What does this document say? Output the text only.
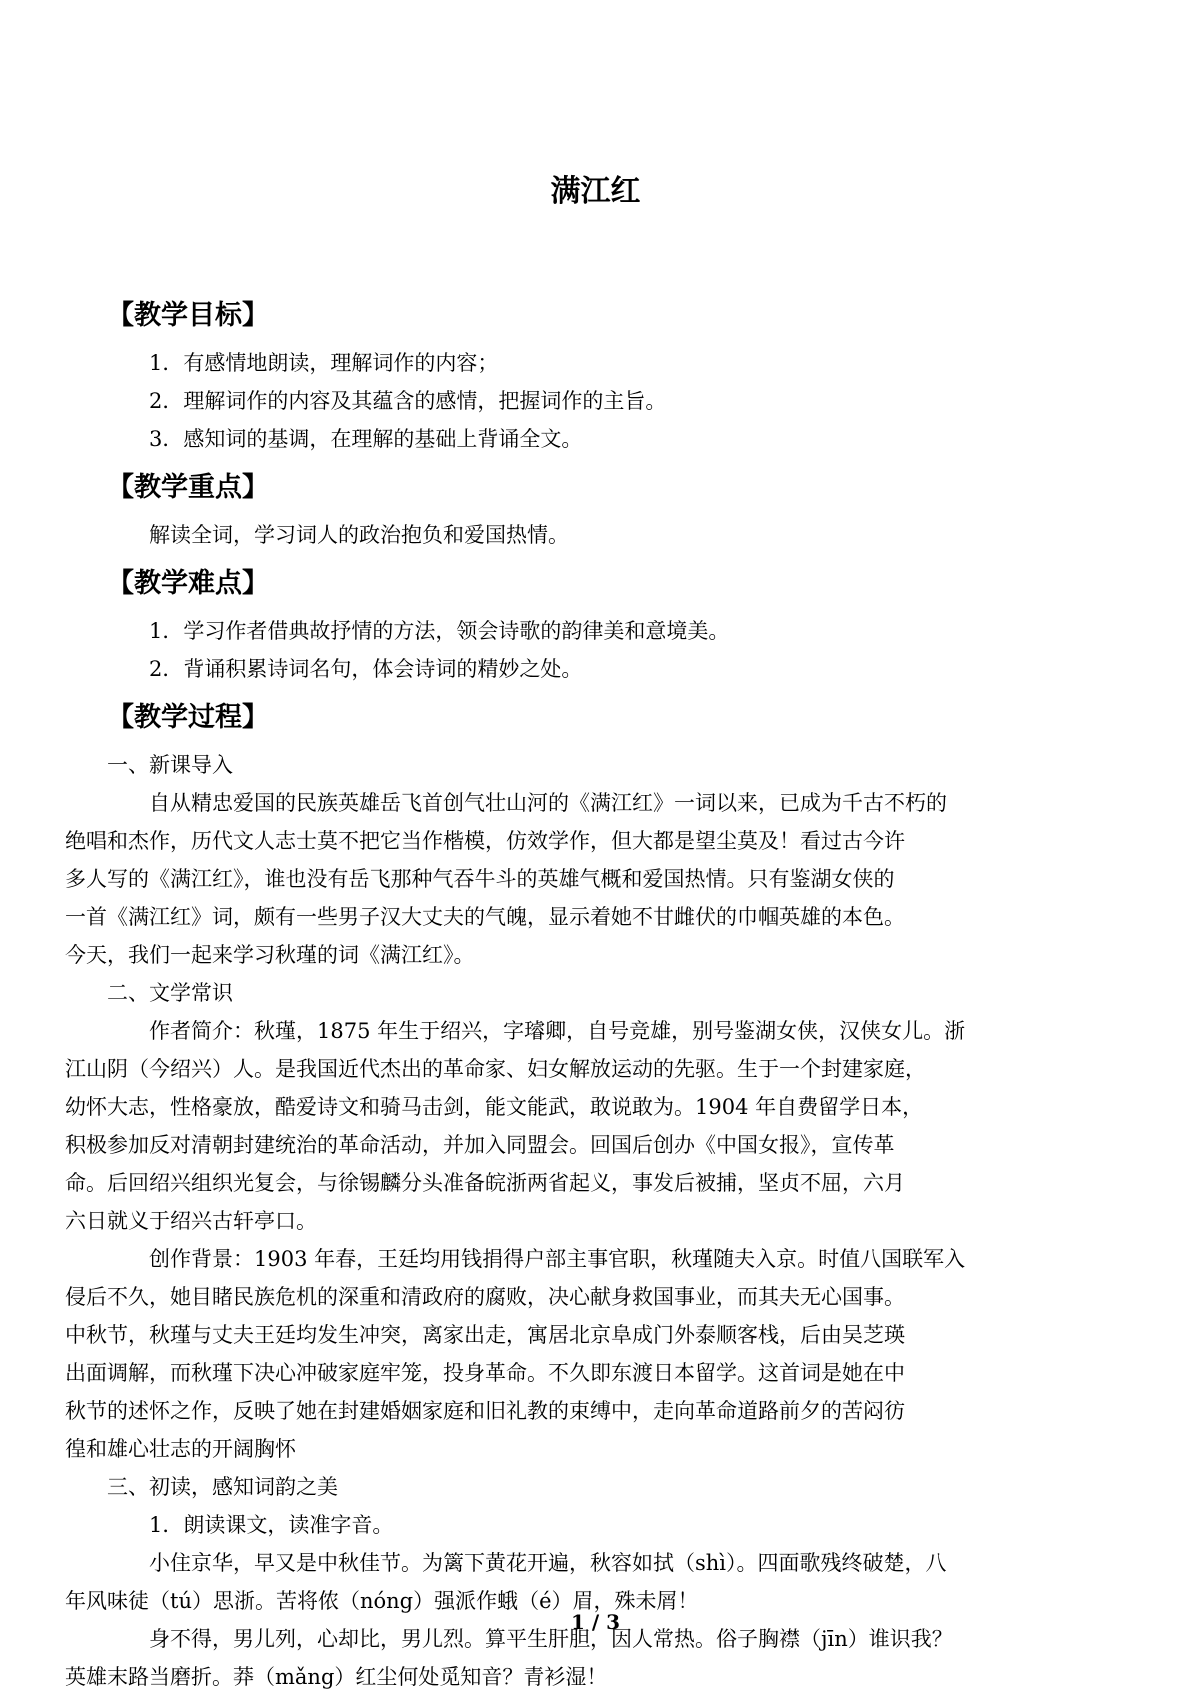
满江红
【教学目标】
1．有感情地朗读，理解词作的内容；
2．理解词作的内容及其蕴含的感情，把握词作的主旨。
3．感知词的基调，在理解的基础上背诵全文。
【教学重点】
解读全词，学习词人的政治抱负和爱国热情。
【教学难点】
1．学习作者借典故抒情的方法，领会诗歌的韵律美和意境美。
2．背诵积累诗词名句，体会诗词的精妙之处。
【教学过程】
一、新课导入
自从精忠爱国的民族英雄岳飞首创气壮山河的《满江红》一词以来，已成为千古不朽的
绝唱和杰作，历代文人志士莫不把它当作楷模，仿效学作，但大都是望尘莫及！看过古今许
多人写的《满江红》，谁也没有岳飞那种气吞牛斗的英雄气概和爱国热情。只有鉴湖女侠的
一首《满江红》词，颇有一些男子汉大丈夫的气魄，显示着她不甘雌伏的巾帼英雄的本色。
今天，我们一起来学习秋瑾的词《满江红》。
二、文学常识
作者简介：秋瑾，1875 年生于绍兴，字璿卿，自号竞雄，别号鉴湖女侠，汉侠女儿。浙
江山阴（今绍兴）人。是我国近代杰出的革命家、妇女解放运动的先驱。生于一个封建家庭，
幼怀大志，性格豪放，酷爱诗文和骑马击剑，能文能武，敢说敢为。1904 年自费留学日本，
积极参加反对清朝封建统治的革命活动，并加入同盟会。回国后创办《中国女报》，宣传革
命。后回绍兴组织光复会，与徐锡麟分头准备皖浙两省起义，事发后被捕，坚贞不屈，六月
六日就义于绍兴古轩亭口。
创作背景：1903 年春，王廷均用钱捐得户部主事官职，秋瑾随夫入京。时值八国联军入
侵后不久，她目睹民族危机的深重和清政府的腐败，决心献身救国事业，而其夫无心国事。
中秋节，秋瑾与丈夫王廷均发生冲突，离家出走，寓居北京阜成门外泰顺客栈，后由吴芝瑛
出面调解，而秋瑾下决心冲破家庭牢笼，投身革命。不久即东渡日本留学。这首词是她在中
秋节的述怀之作，反映了她在封建婚姻家庭和旧礼教的束缚中，走向革命道路前夕的苦闷彷
徨和雄心壮志的开阔胸怀
三、初读，感知词韵之美
1．朗读课文，读准字音。
小住京华，早又是中秋佳节。为篱下黄花开遍，秋容如拭（shì）。四面歌残终破楚，八
年风味徒（tú）思浙。苦将侬（nóng）强派作蛾（é）眉，殊未屑！
身不得，男儿列，心却比，男儿烈。算平生肝胆，因人常热。俗子胸襟（jīn）谁识我？
英雄末路当磨折。莽（mǎng）红尘何处觅知音？青衫湿！
1 / 3
